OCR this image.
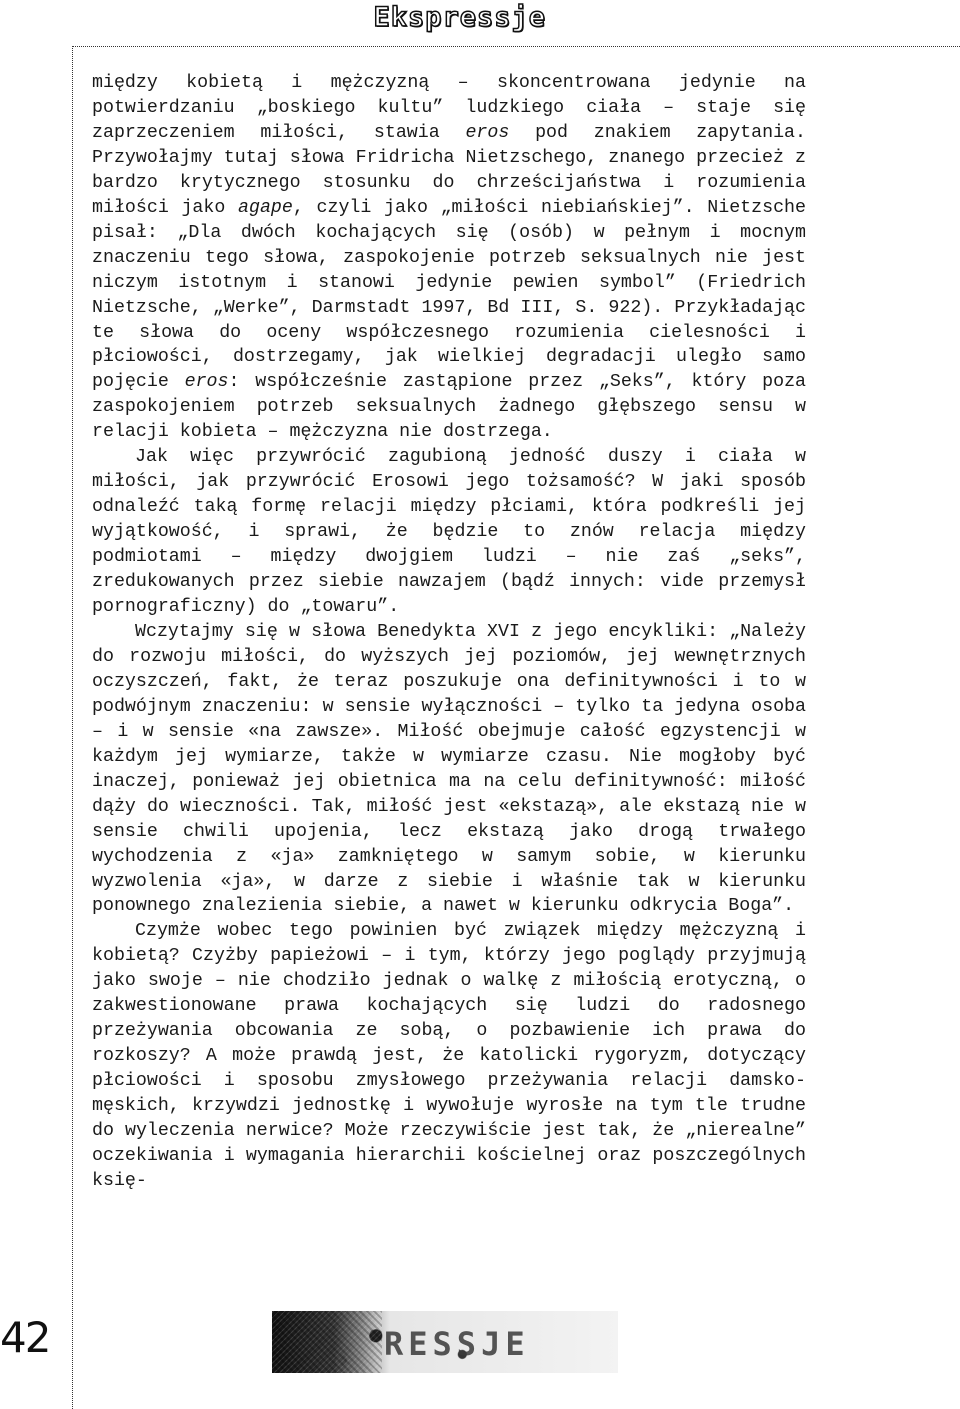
Ekspressje

między kobietą i mężczyzną – skoncentrowana jedynie na potwierdzaniu „boskiego kultu” ludzkiego ciała – staje się zaprzeczeniem miłości, stawia eros pod znakiem zapytania. Przywołajmy tutaj słowa Fridricha Nietzschego, znanego przecież z bardzo krytycznego stosunku do chrześcijaństwa i rozumienia miłości jako agape, czyli jako „miłości niebiańskiej”. Nietzsche pisał: „Dla dwóch kochających się (osób) w pełnym i mocnym znaczeniu tego słowa, zaspokojenie potrzeb seksualnych nie jest niczym istotnym i stanowi jedynie pewien symbol” (Friedrich Nietzsche, „Werke”, Darmstadt 1997, Bd III, S. 922). Przykładając te słowa do oceny współczesnego rozumienia cielesności i płciowości, dostrzegamy, jak wielkiej degradacji uległo samo pojęcie eros: współcześnie zastąpione przez „Seks”, który poza zaspokojeniem potrzeb seksualnych żadnego głębszego sensu w relacji kobieta – mężczyzna nie dostrzega.

Jak więc przywrócić zagubioną jedność duszy i ciała w miłości, jak przywrócić Erosowi jego tożsamość? W jaki sposób odnaleźć taką formę relacji między płciami, która podkreśli jej wyjątkowość, i sprawi, że będzie to znów relacja między podmiotami – między dwojgiem ludzi – nie zaś „seks”, zredukowanych przez siebie nawzajem (bądź innych: vide przemysł pornograficzny) do „towaru”.

Wczytajmy się w słowa Benedykta XVI z jego encykliki: „Należy do rozwoju miłości, do wyższych jej poziomów, jej wewnętrznych oczyszczeń, fakt, że teraz poszukuje ona definitywności i to w podwójnym znaczeniu: w sensie wyłączności – tylko ta jedyna osoba – i w sensie «na zawsze». Miłość obejmuje całość egzystencji w każdym jej wymiarze, także w wymiarze czasu. Nie mogłoby być inaczej, ponieważ jej obietnica ma na celu definitywność: miłość dąży do wieczności. Tak, miłość jest «ekstazą», ale ekstazą nie w sensie chwili upojenia, lecz ekstazą jako drogą trwałego wychodzenia z «ja» zamkniętego w samym sobie, w kierunku wyzwolenia «ja», w darze z siebie i właśnie tak w kierunku ponownego znalezienia siebie, a nawet w kierunku odkrycia Boga”.

Czymże wobec tego powinien być związek między mężczyzną i kobietą? Czyżby papieżowi – i tym, którzy jego poglądy przyjmują jako swoje – nie chodziło jednak o walkę z miłością erotyczną, o zakwestionowane prawa kochających się ludzi do radosnego przeżywania obcowania ze sobą, o pozbawienie ich prawa do rozkoszy? A może prawdą jest, że katolicki rygoryzm, dotyczący płciowości i sposobu zmysłowego przeżywania relacji damsko-męskich, krzywdzi jednostkę i wywołuje wyrosłe na tym tle trudne do wyleczenia nerwice? Może rzeczywiście jest tak, że „nierealne” oczekiwania i wymagania hierarchii kościelnej oraz poszczególnych księ-

42	RESSJE
